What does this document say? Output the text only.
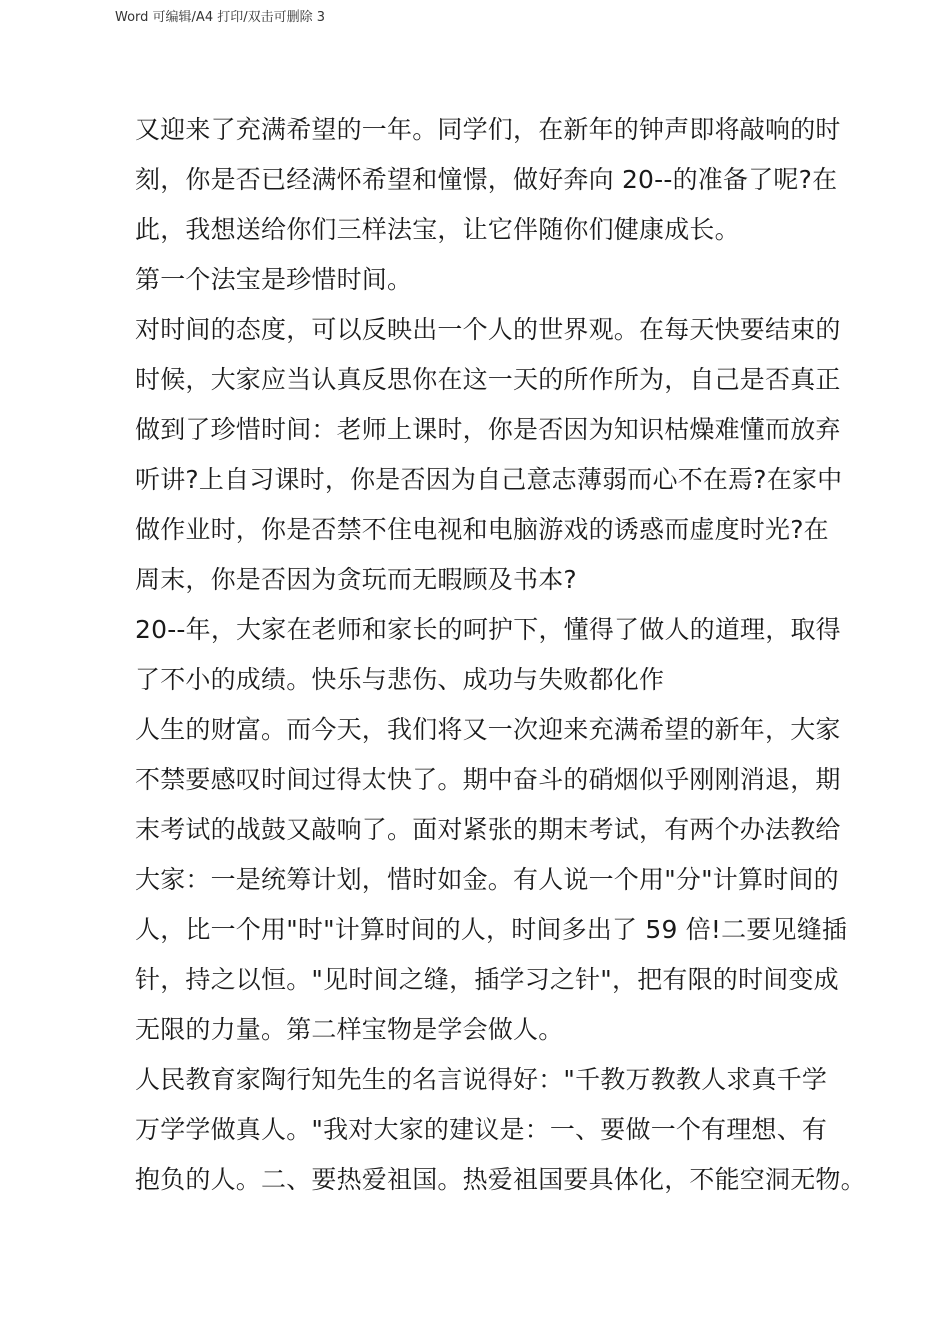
Word 可编辑/A4 打印/双击可删除 3
又迎来了充满希望的一年。同学们，在新年的钟声即将敲响的时
刻，你是否已经满怀希望和憧憬，做好奔向 20--的准备了呢?在
此，我想送给你们三样法宝，让它伴随你们健康成长。
第一个法宝是珍惜时间。
对时间的态度，可以反映出一个人的世界观。在每天快要结束的
时候，大家应当认真反思你在这一天的所作所为，自己是否真正
做到了珍惜时间：老师上课时，你是否因为知识枯燥难懂而放弃
听讲?上自习课时，你是否因为自己意志薄弱而心不在焉?在家中
做作业时，你是否禁不住电视和电脑游戏的诱惑而虚度时光?在
周末，你是否因为贪玩而无暇顾及书本?
20--年，大家在老师和家长的呵护下，懂得了做人的道理，取得
了不小的成绩。快乐与悲伤、成功与失败都化作
人生的财富。而今天，我们将又一次迎来充满希望的新年，大家
不禁要感叹时间过得太快了。期中奋斗的硝烟似乎刚刚消退，期
末考试的战鼓又敲响了。面对紧张的期末考试，有两个办法教给
大家：一是统筹计划，惜时如金。有人说一个用"分"计算时间的
人，比一个用"时"计算时间的人，时间多出了 59 倍!二要见缝插
针，持之以恒。"见时间之缝，插学习之针"，把有限的时间变成
无限的力量。第二样宝物是学会做人。
人民教育家陶行知先生的名言说得好："千教万教教人求真千学
万学学做真人。"我对大家的建议是：一、要做一个有理想、有
抱负的人。二、要热爱祖国。热爱祖国要具体化，不能空洞无物。
